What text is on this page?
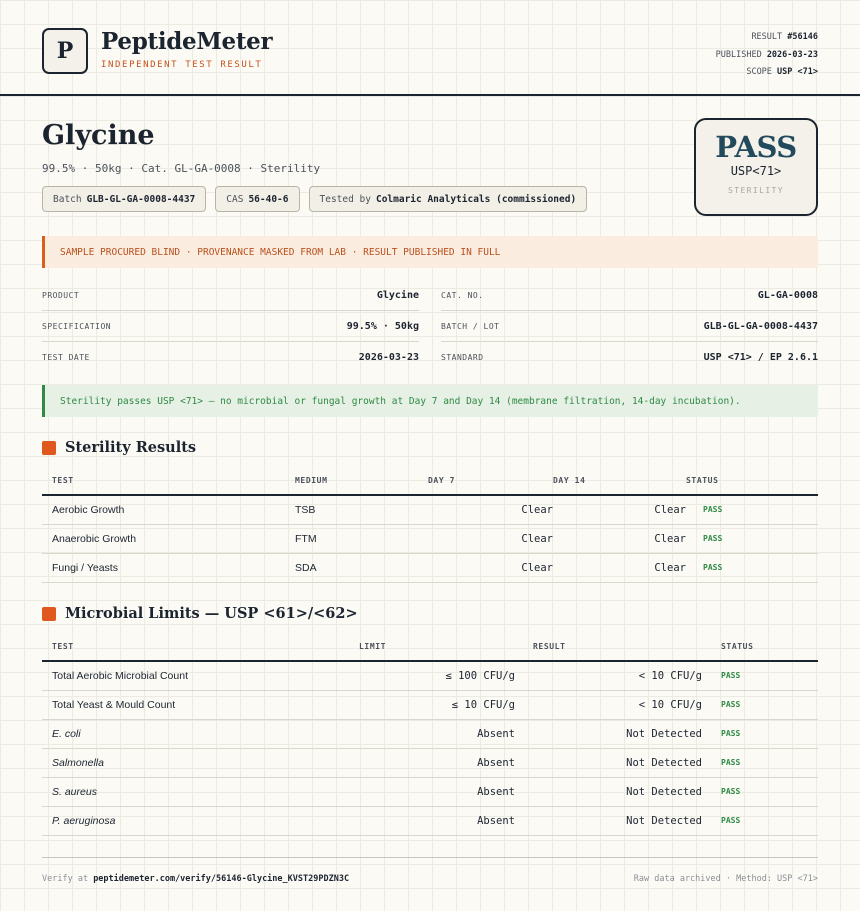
P	PeptideMeter
INDEPENDENT TEST RESULT
RESULT #56146
PUBLISHED 2026-03-23
SCOPE USP <71>
Glycine
99.5% · 50kg · Cat. GL-GA-0008 · Sterility
Batch GLB-GL-GA-0008-4437	CAS 56-40-6	Tested by Colmaric Analyticals (commissioned)
PASS
USP<71>
STERILITY
SAMPLE PROCURED BLIND · PROVENANCE MASKED FROM LAB · RESULT PUBLISHED IN FULL
PRODUCT	Glycine
SPECIFICATION	99.5% · 50kg
TEST DATE	2026-03-23
CAT. NO.	GL-GA-0008
BATCH / LOT	GLB-GL-GA-0008-4437
STANDARD	USP <71> / EP 2.6.1
Sterility passes USP <71> — no microbial or fungal growth at Day 7 and Day 14 (membrane filtration, 14-day incubation).
Sterility Results
TEST	MEDIUM	DAY 7	DAY 14	STATUS
Aerobic Growth	TSB	Clear	Clear	PASS
Anaerobic Growth	FTM	Clear	Clear	PASS
Fungi / Yeasts	SDA	Clear	Clear	PASS
Microbial Limits — USP <61>/<62>
TEST	LIMIT	RESULT	STATUS
Total Aerobic Microbial Count	≤ 100 CFU/g	< 10 CFU/g	PASS
Total Yeast & Mould Count	≤ 10 CFU/g	< 10 CFU/g	PASS
E. coli	Absent	Not Detected	PASS
Salmonella	Absent	Not Detected	PASS
S. aureus	Absent	Not Detected	PASS
P. aeruginosa	Absent	Not Detected	PASS
Verify at peptidemeter.com/verify/56146-Glycine_KVST29PDZN3C	Raw data archived · Method: USP <71>
